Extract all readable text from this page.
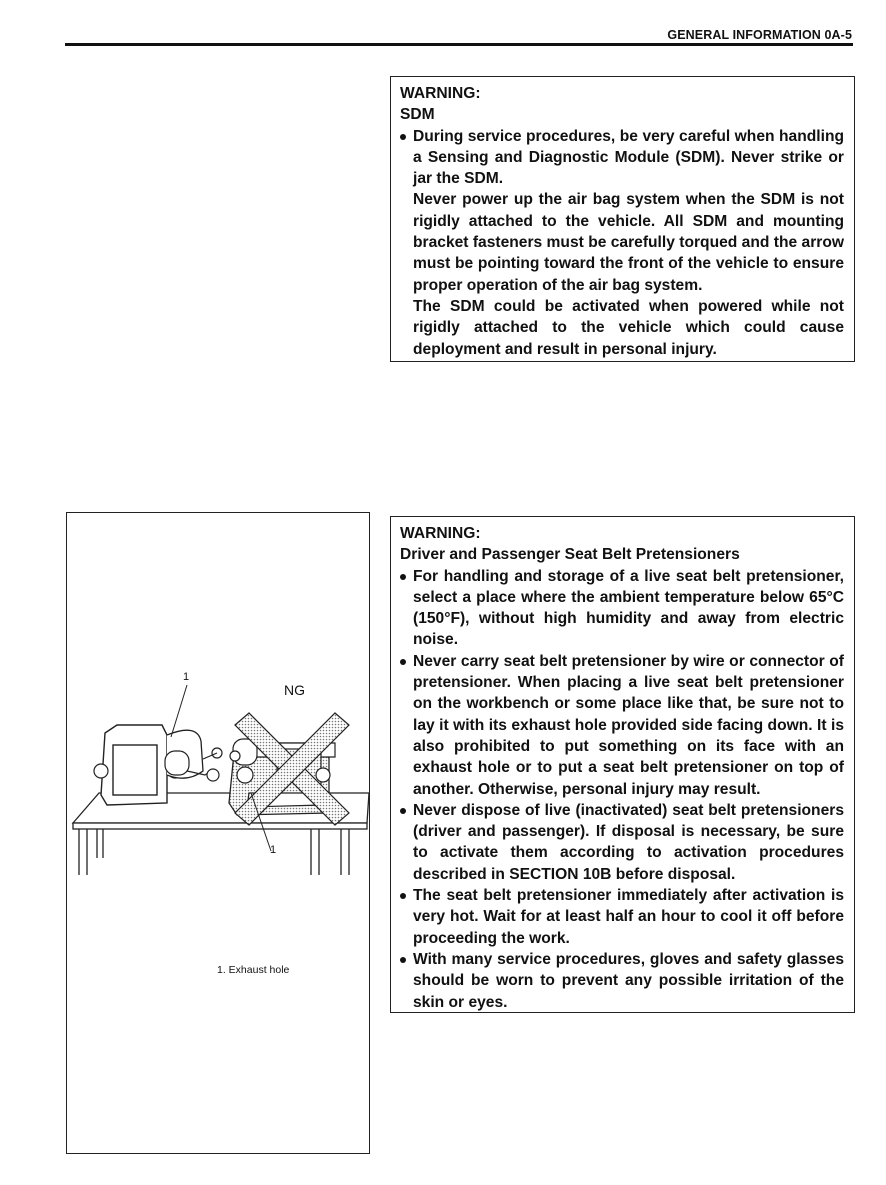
GENERAL INFORMATION 0A-5
WARNING:
SDM
During service procedures, be very careful when handling a Sensing and Diagnostic Module (SDM). Never strike or jar the SDM.
Never power up the air bag system when the SDM is not rigidly attached to the vehicle. All SDM and mounting bracket fasteners must be carefully torqued and the arrow must be pointing toward the front of the vehicle to ensure proper operation of the air bag system.
The SDM could be activated when powered while not rigidly attached to the vehicle which could cause deployment and result in personal injury.
1
NG
1
1. Exhaust hole
WARNING:
Driver and Passenger Seat Belt Pretensioners
For handling and storage of a live seat belt pretensioner, select a place where the ambient temperature below 65°C (150°F), without high humidity and away from electric noise.
Never carry seat belt pretensioner by wire or connector of pretensioner. When placing a live seat belt pretensioner on the workbench or some place like that, be sure not to lay it with its exhaust hole provided side facing down. It is also prohibited to put something on its face with an exhaust hole or to put a seat belt pretensioner on top of another. Otherwise, personal injury may result.
Never dispose of live (inactivated) seat belt pretensioners (driver and passenger). If disposal is necessary, be sure to activate them according to activation procedures described in SECTION 10B before disposal.
The seat belt pretensioner immediately after activation is very hot. Wait for at least half an hour to cool it off before proceeding the work.
With many service procedures, gloves and safety glasses should be worn to prevent any possible irritation of the skin or eyes.
